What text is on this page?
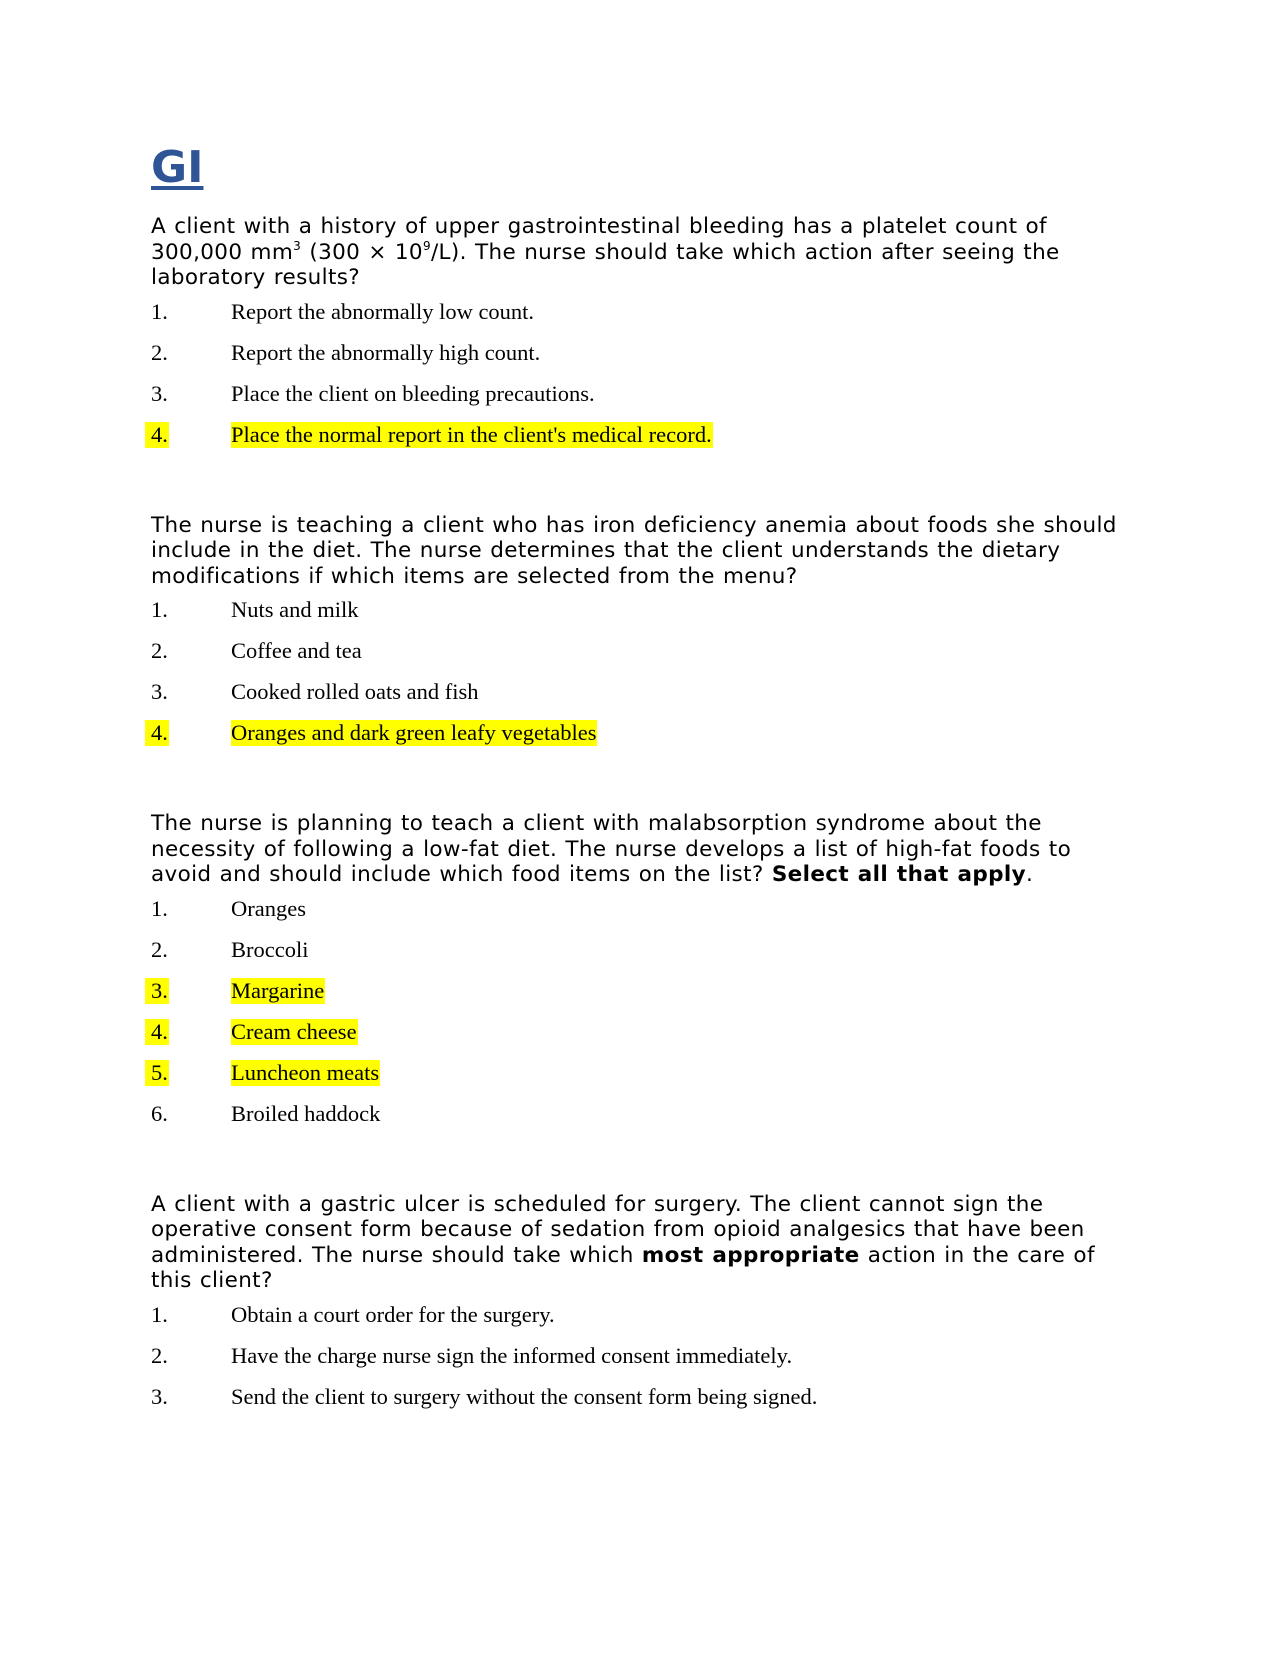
GI

A client with a history of upper gastrointestinal bleeding has a platelet count of 300,000 $mm^3$ $(300 \times 10^9/L)$. The nurse should take which action after seeing the laboratory results?

1.	Report the abnormally low count.
2.	Report the abnormally high count.
3.	Place the client on bleeding precautions.
4.	Place the normal report in the client's medical record.

The nurse is teaching a client who has iron deficiency anemia about foods she should include in the diet. The nurse determines that the client understands the dietary modifications if which items are selected from the menu?

1.	Nuts and milk
2.	Coffee and tea
3.	Cooked rolled oats and fish
4.	Oranges and dark green leafy vegetables

The nurse is planning to teach a client with malabsorption syndrome about the necessity of following a low-fat diet. The nurse develops a list of high-fat foods to avoid and should include which food items on the list? Select all that apply.

1.	Oranges
2.	Broccoli
3.	Margarine
4.	Cream cheese
5.	Luncheon meats
6.	Broiled haddock

A client with a gastric ulcer is scheduled for surgery. The client cannot sign the operative consent form because of sedation from opioid analgesics that have been administered. The nurse should take which most appropriate action in the care of this client?

1.	Obtain a court order for the surgery.
2.	Have the charge nurse sign the informed consent immediately.
3.	Send the client to surgery without the consent form being signed.
